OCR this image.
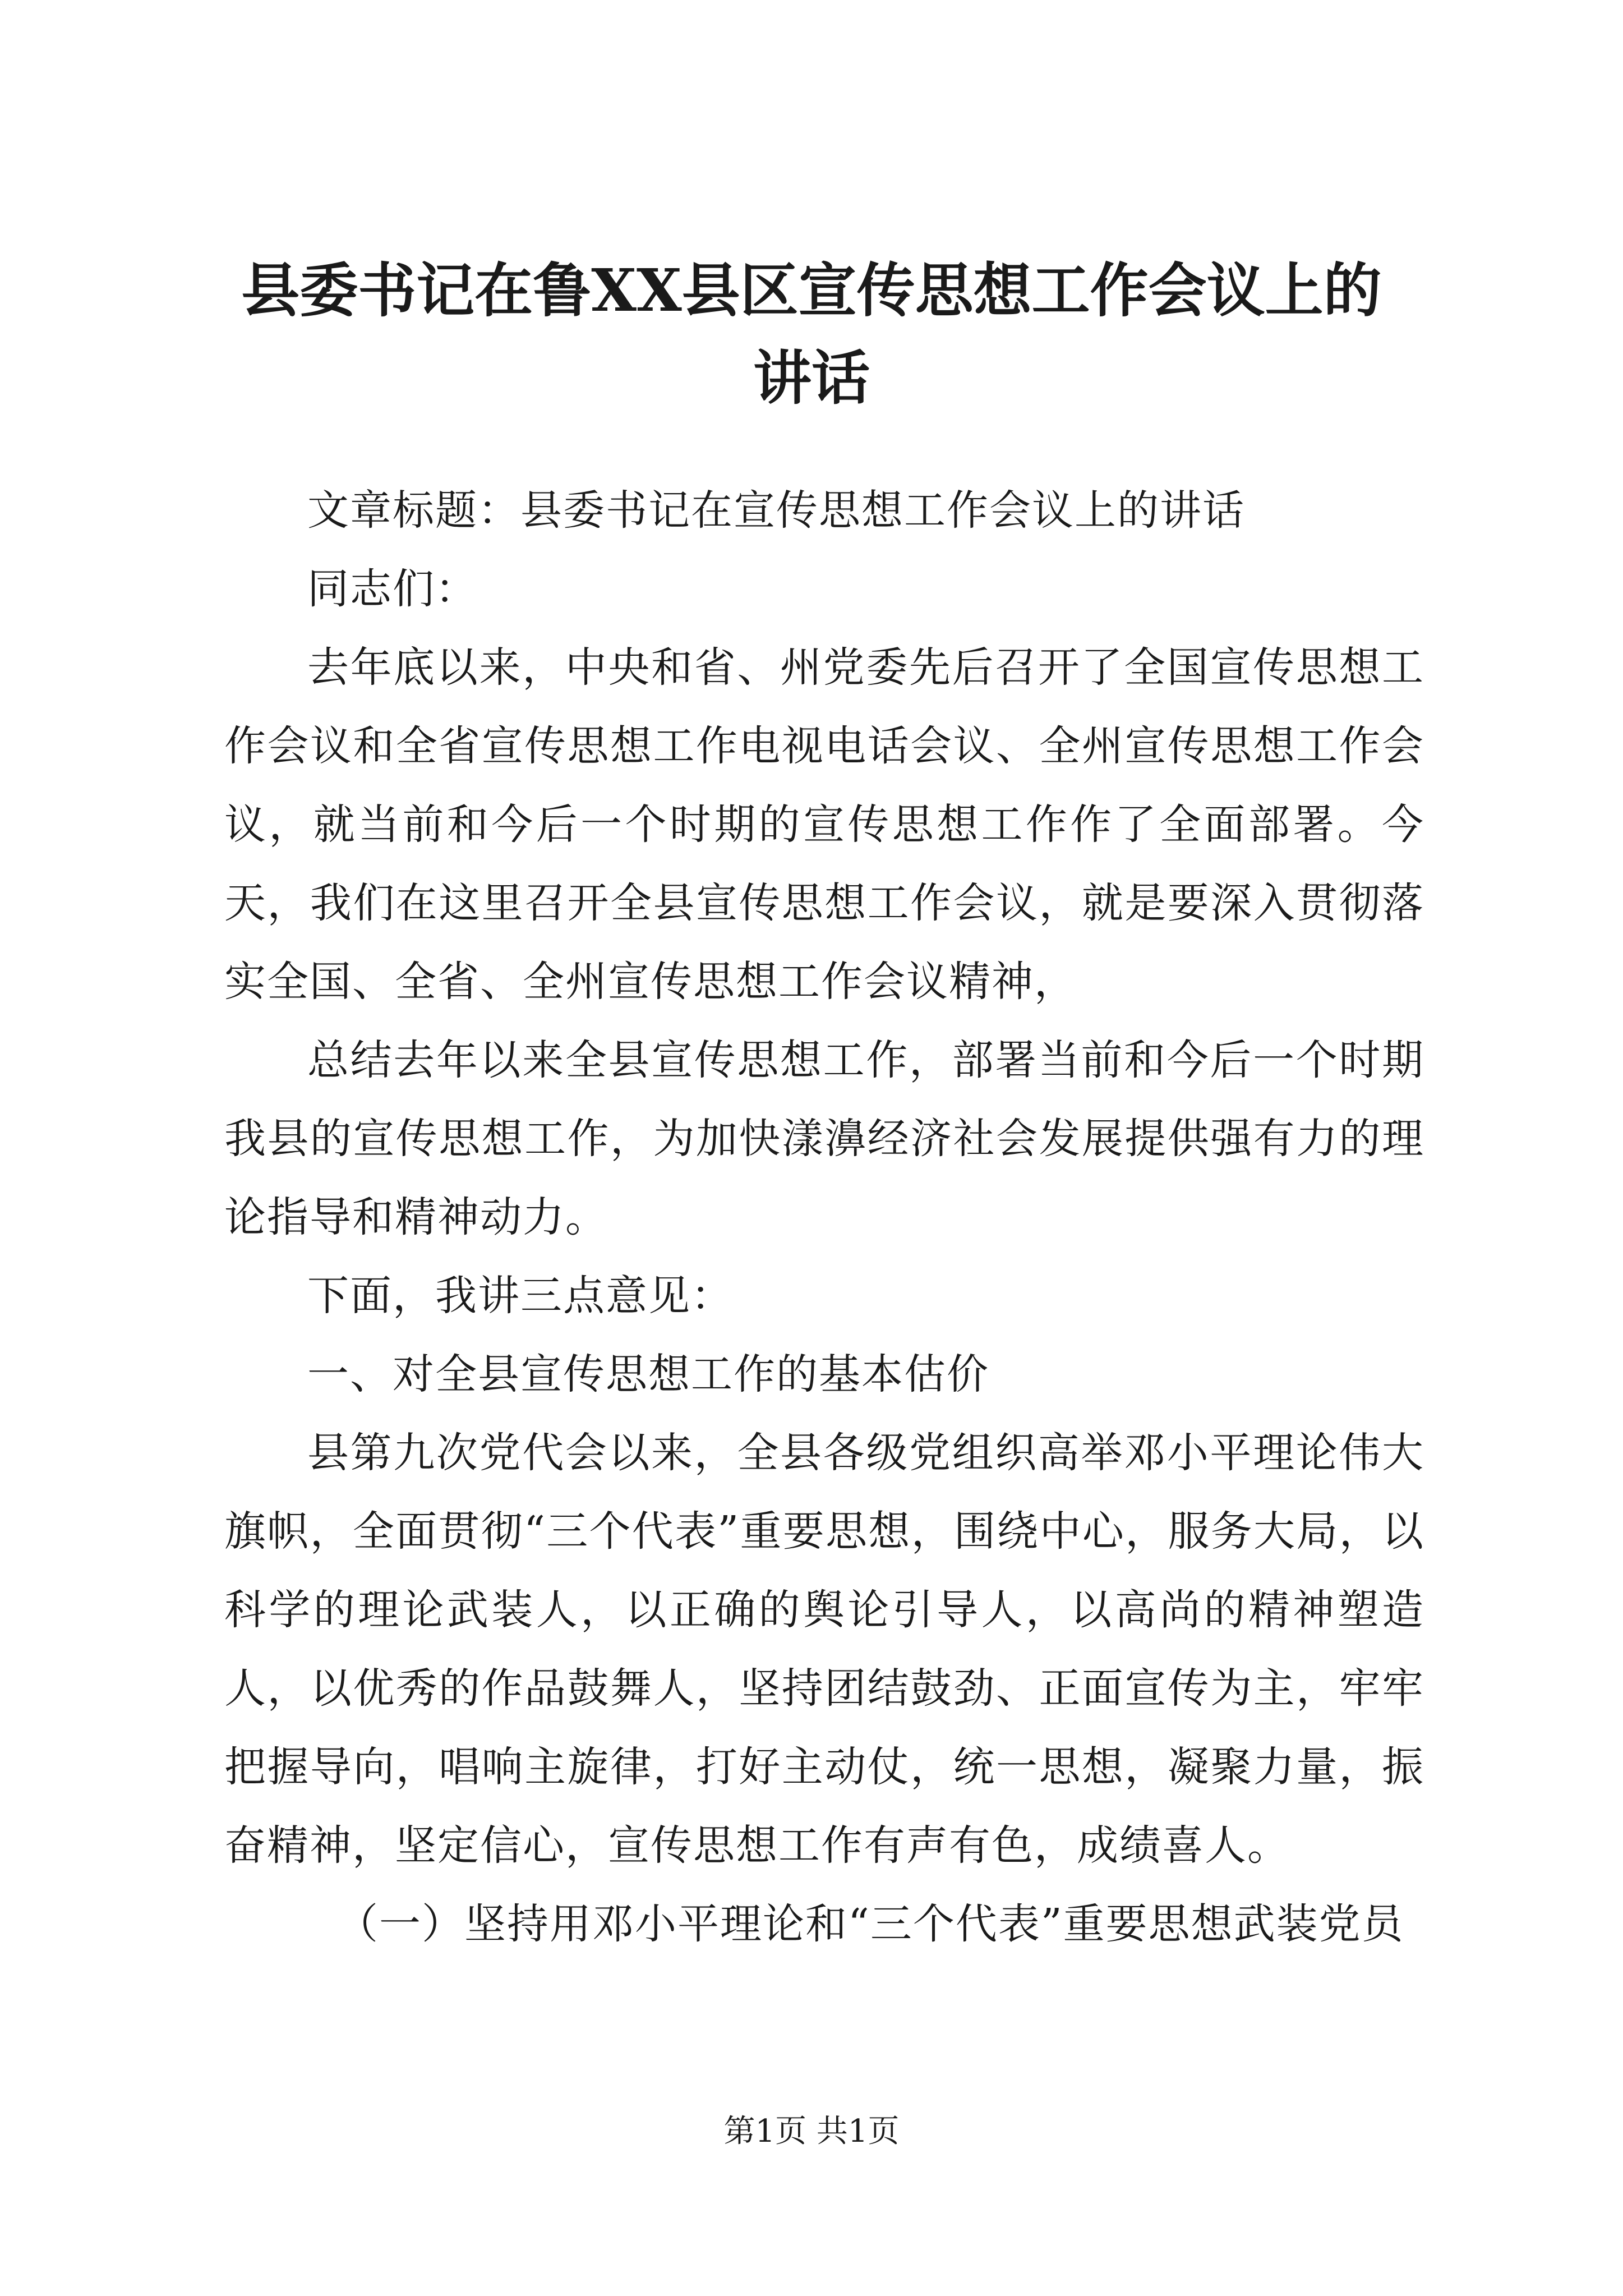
县委书记在鲁XX县区宣传思想工作会议上的讲话

文章标题：县委书记在宣传思想工作会议上的讲话

同志们：

去年底以来，中央和省、州党委先后召开了全国宣传思想工作会议和全省宣传思想工作电视电话会议、全州宣传思想工作会议，就当前和今后一个时期的宣传思想工作作了全面部署。今天，我们在这里召开全县宣传思想工作会议，就是要深入贯彻落实全国、全省、全州宣传思想工作会议精神，

总结去年以来全县宣传思想工作，部署当前和今后一个时期我县的宣传思想工作，为加快漾濞经济社会发展提供强有力的理论指导和精神动力。

下面，我讲三点意见：

一、对全县宣传思想工作的基本估价

县第九次党代会以来，全县各级党组织高举邓小平理论伟大旗帜，全面贯彻“三个代表”重要思想，围绕中心，服务大局，以科学的理论武装人，以正确的舆论引导人，以高尚的精神塑造人，以优秀的作品鼓舞人，坚持团结鼓劲、正面宣传为主，牢牢把握导向，唱响主旋律，打好主动仗，统一思想，凝聚力量，振奋精神，坚定信心，宣传思想工作有声有色，成绩喜人。

（一）坚持用邓小平理论和“三个代表”重要思想武装党员

第1页 共1页
